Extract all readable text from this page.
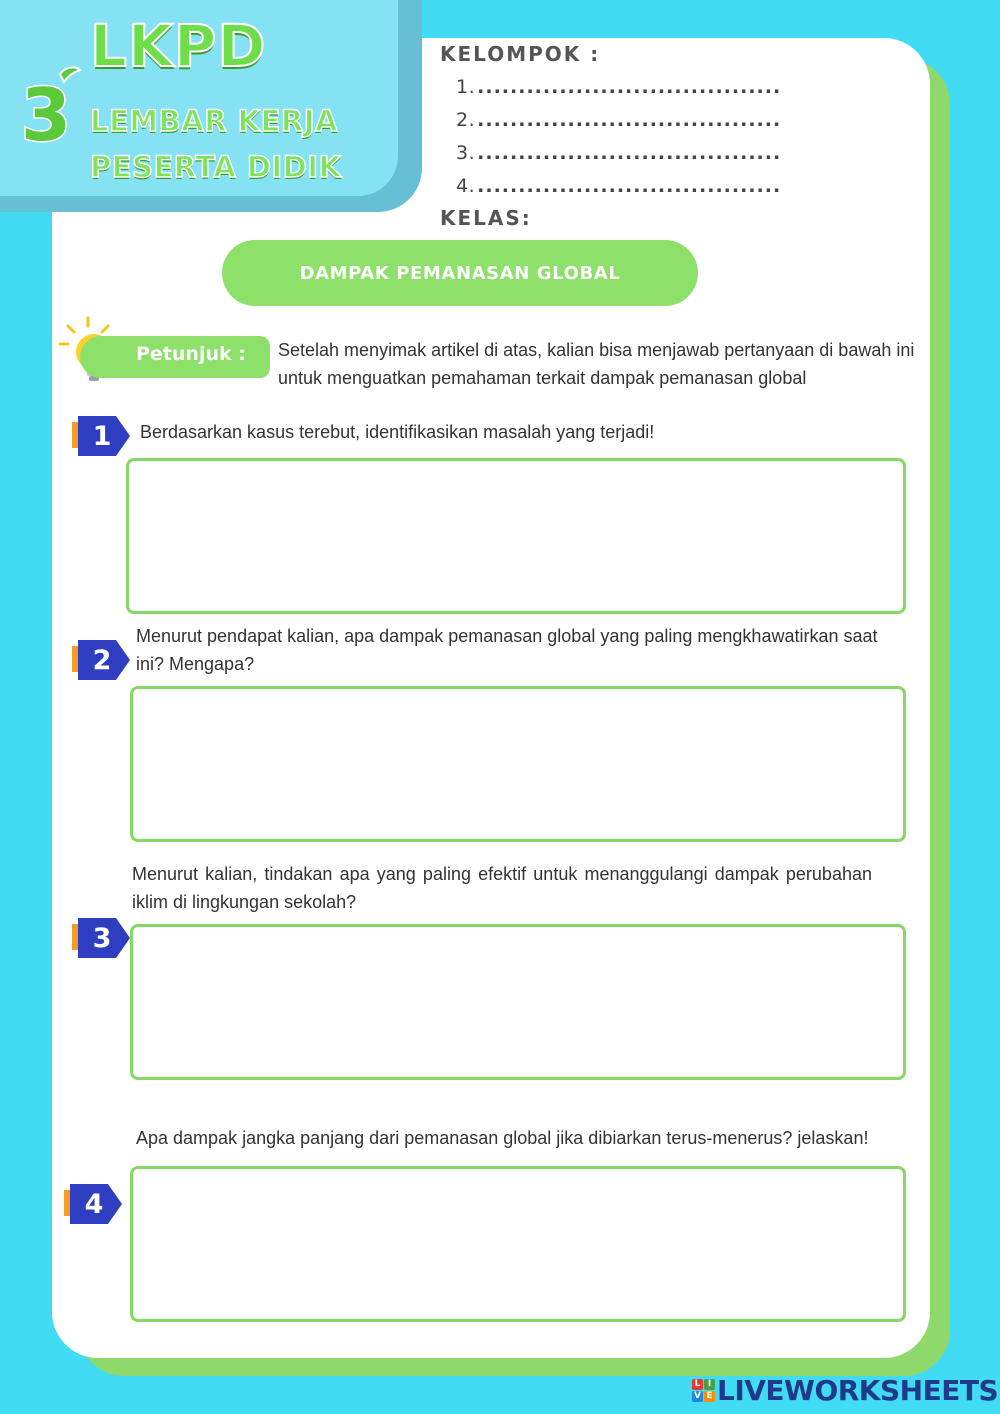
LKPD
3 LEMBAR KERJA
PESERTA DIDIK
KELOMPOK :
1. .....................................
2. .....................................
3. .....................................
4. .....................................
KELAS:
DAMPAK PEMANASAN GLOBAL
Petunjuk : Setelah menyimak artikel di atas, kalian bisa menjawab pertanyaan di bawah ini untuk menguatkan pemahaman terkait dampak pemanasan global
1	Berdasarkan kasus terebut, identifikasikan masalah yang terjadi!
2
Menurut pendapat kalian, apa dampak pemanasan global yang paling mengkhawatirkan saat ini? Mengapa?
3
Menurut kalian, tindakan apa yang paling efektif untuk menanggulangi dampak perubahan iklim di lingkungan sekolah?
4
Apa dampak jangka panjang dari pemanasan global jika dibiarkan terus-menerus? jelaskan!
L I
V E LIVEWORKSHEETS
